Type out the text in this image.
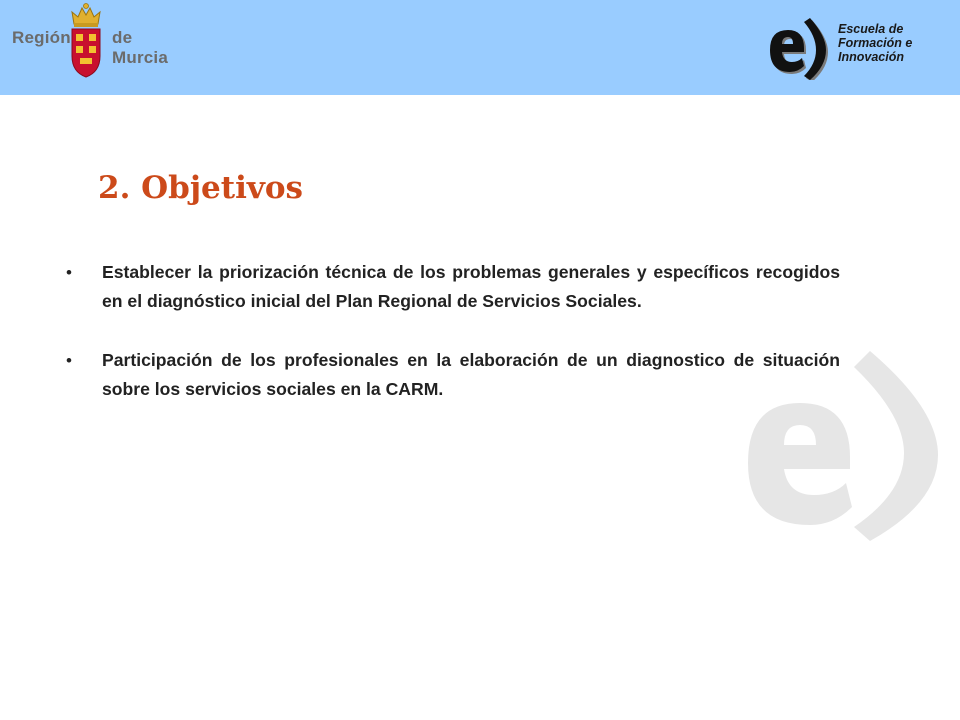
Región de Murcia
Escuela de
Formación e
Innovación
2. Objetivos
• Establecer la priorización técnica de los problemas generales y específicos recogidos en el diagnóstico inicial del Plan Regional de Servicios Sociales.
• Participación de los profesionales en la elaboración de un diagnostico de situación sobre los servicios sociales en la CARM.
